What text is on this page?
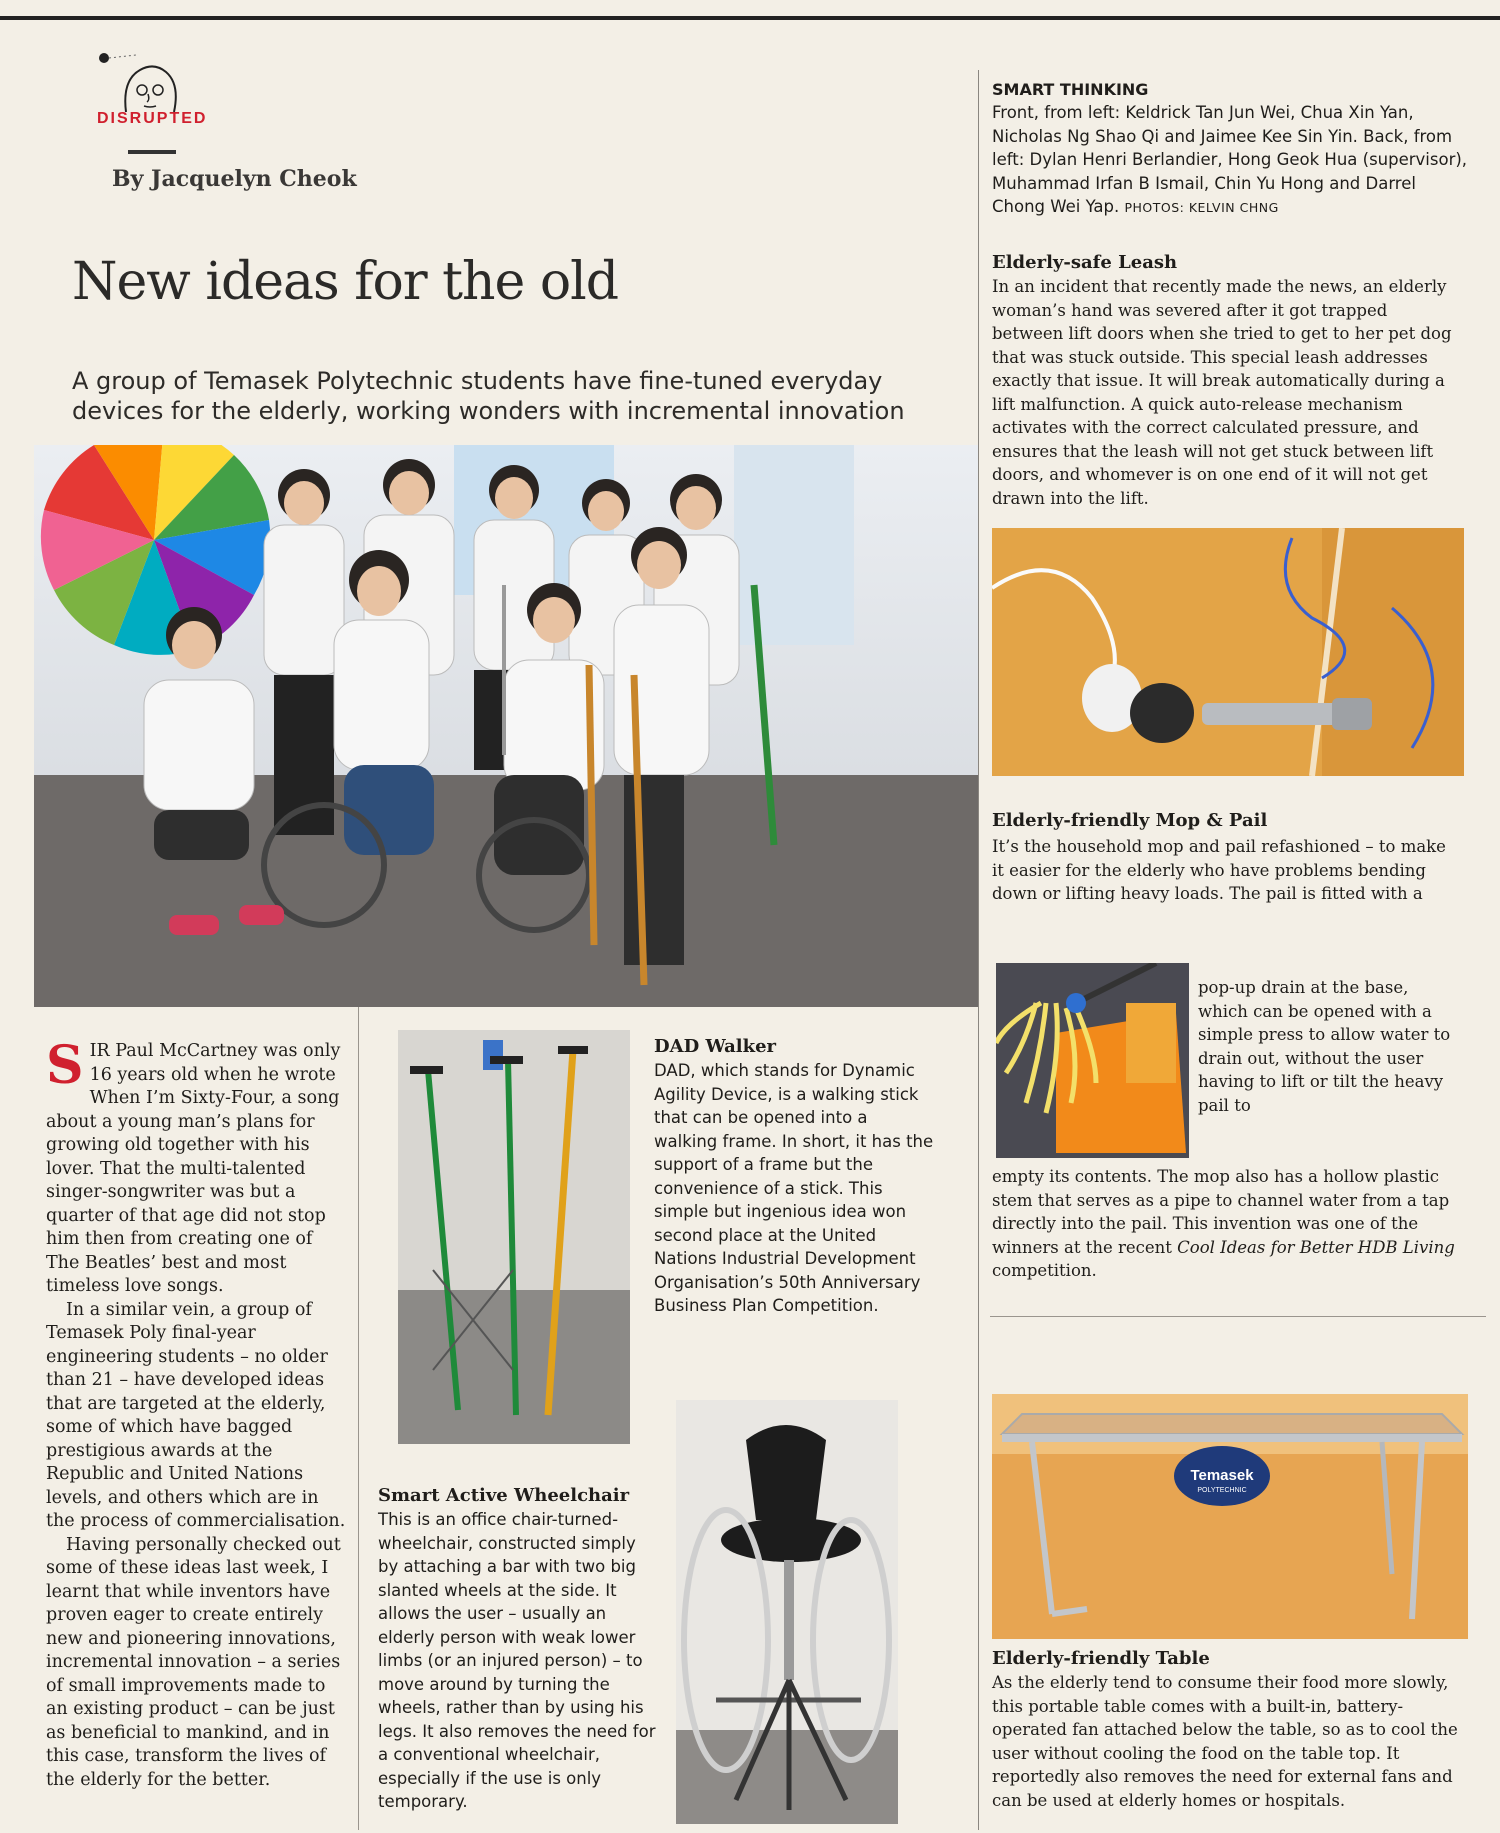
DISRUPTED
By Jacquelyn Cheok
New ideas for the old
A group of Temasek Polytechnic students have fine-tuned everyday devices for the elderly, working wonders with incremental innovation

SIR Paul McCartney was only 16 years old when he wrote When I’m Sixty-Four, a song about a young man’s plans for growing old together with his lover. That the multi-talented singer-songwriter was but a quarter of that age did not stop him then from creating one of The Beatles’ best and most timeless love songs.

In a similar vein, a group of Temasek Poly final-year engineering students – no older than 21 – have developed ideas that are targeted at the elderly, some of which have bagged prestigious awards at the Republic and United Nations levels, and others which are in the process of commercialisation.

Having personally checked out some of these ideas last week, I learnt that while inventors have proven eager to create entirely new and pioneering innovations, incremental innovation – a series of small improvements made to an existing product – can be just as beneficial to mankind, and in this case, transform the lives of the elderly for the better.

SMART THINKING
Front, from left: Keldrick Tan Jun Wei, Chua Xin Yan, Nicholas Ng Shao Qi and Jaimee Kee Sin Yin. Back, from left: Dylan Henri Berlandier, Hong Geok Hua (supervisor), Muhammad Irfan B Ismail, Chin Yu Hong and Darrel Chong Wei Yap. PHOTOS: KELVIN CHNG
Elderly-safe Leash
In an incident that recently made the news, an elderly woman’s hand was severed after it got trapped between lift doors when she tried to get to her pet dog that was stuck outside. This special leash addresses exactly that issue. It will break automatically during a lift malfunction. A quick auto-release mechanism activates with the correct calculated pressure, and ensures that the leash will not get stuck between lift doors, and whomever is on one end of it will not get drawn into the lift.
Elderly-friendly Mop & Pail
It’s the household mop and pail refashioned – to make it easier for the elderly who have problems bending down or lifting heavy loads. The pail is fitted with a
pop-up drain at the base, which can be opened with a simple press to allow water to drain out, without the user having to lift or tilt the heavy pail to
empty its contents. The mop also has a hollow plastic stem that serves as a pipe to channel water from a tap directly into the pail. This invention was one of the winners at the recent Cool Ideas for Better HDB Living competition.
Temasek
POLYTECHNIC
Elderly-friendly Table
As the elderly tend to consume their food more slowly, this portable table comes with a built-in, battery-operated fan attached below the table, so as to cool the user without cooling the food on the table top. It reportedly also removes the need for external fans and can be used at elderly homes or hospitals.
DAD Walker
DAD, which stands for Dynamic Agility Device, is a walking stick that can be opened into a walking frame. In short, it has the support of a frame but the convenience of a stick. This simple but ingenious idea won second place at the United Nations Industrial Development Organisation’s 50th Anniversary Business Plan Competition.
Smart Active Wheelchair
This is an office chair-turned-wheelchair, constructed simply by attaching a bar with two big slanted wheels at the side. It allows the user – usually an elderly person with weak lower limbs (or an injured person) – to move around by turning the wheels, rather than by using his legs. It also removes the need for a conventional wheelchair, especially if the use is only temporary.
